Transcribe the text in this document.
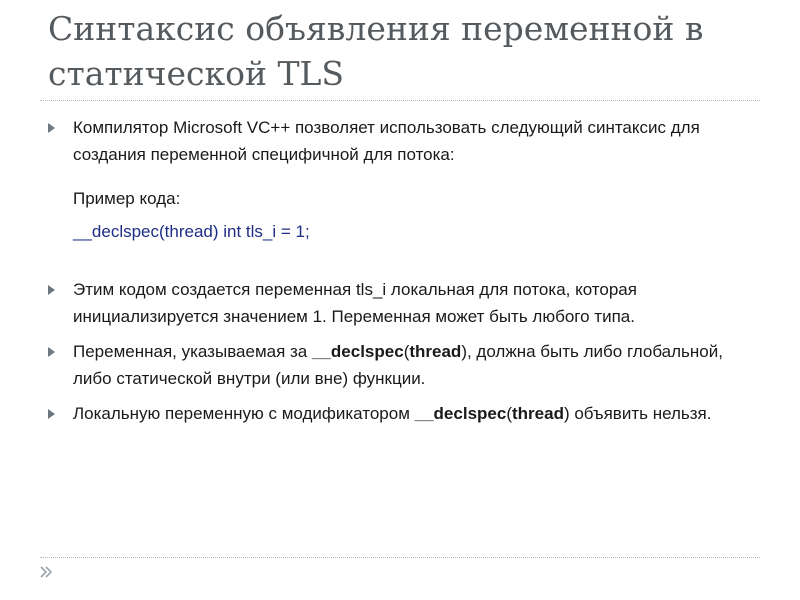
Синтаксис объявления переменной в статической TLS
Компилятор Microsoft VC++ позволяет использовать следующий синтаксис для создания переменной специфичной для потока:
Пример кода:
__declspec(thread) int tls_i = 1;
Этим кодом создается переменная tls_i локальная для потока, которая инициализируется значением 1. Переменная может быть любого типа.
Переменная, указываемая за __declspec(thread), должна быть либо глобальной, либо статической внутри (или вне) функции.
Локальную переменную с модификатором __declspec(thread) объявить нельзя.
